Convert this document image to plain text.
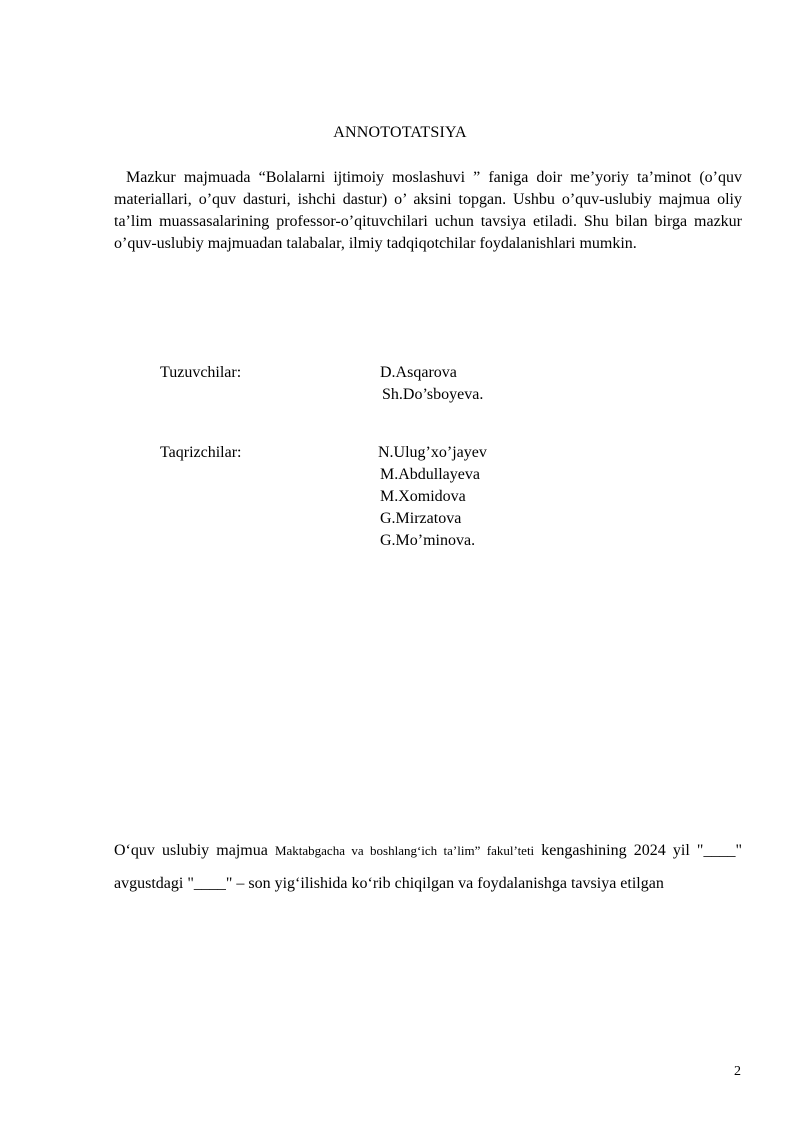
ANNOTOTATSIYA

Mazkur majmuada “Bolalarni ijtimoiy moslashuvi ” faniga doir me’yoriy ta’minot (o’quv materiallari, o’quv dasturi, ishchi dastur) o’ aksini topgan. Ushbu o’quv-uslubiy majmua oliy ta’lim muassasalarining professor-o’qituvchilari uchun tavsiya etiladi. Shu bilan birga mazkur o’quv-uslubiy majmuadan talabalar, ilmiy tadqiqotchilar foydalanishlari mumkin.

Tuzuvchilar:	D.Asqarova
Sh.Do’sboyeva.
Taqrizchilar:	N.Ulug’xo’jayev
M.Abdullayeva
M.Xomidova
G.Mirzatova
G.Mo’minova.

O‘quv uslubiy majmua Maktabgacha va boshlang‘ich ta’lim” fakul’teti kengashining 2024 yil "____" avgustdagi "____" – son yig‘ilishida ko‘rib chiqilgan va foydalanishga tavsiya etilgan

2
